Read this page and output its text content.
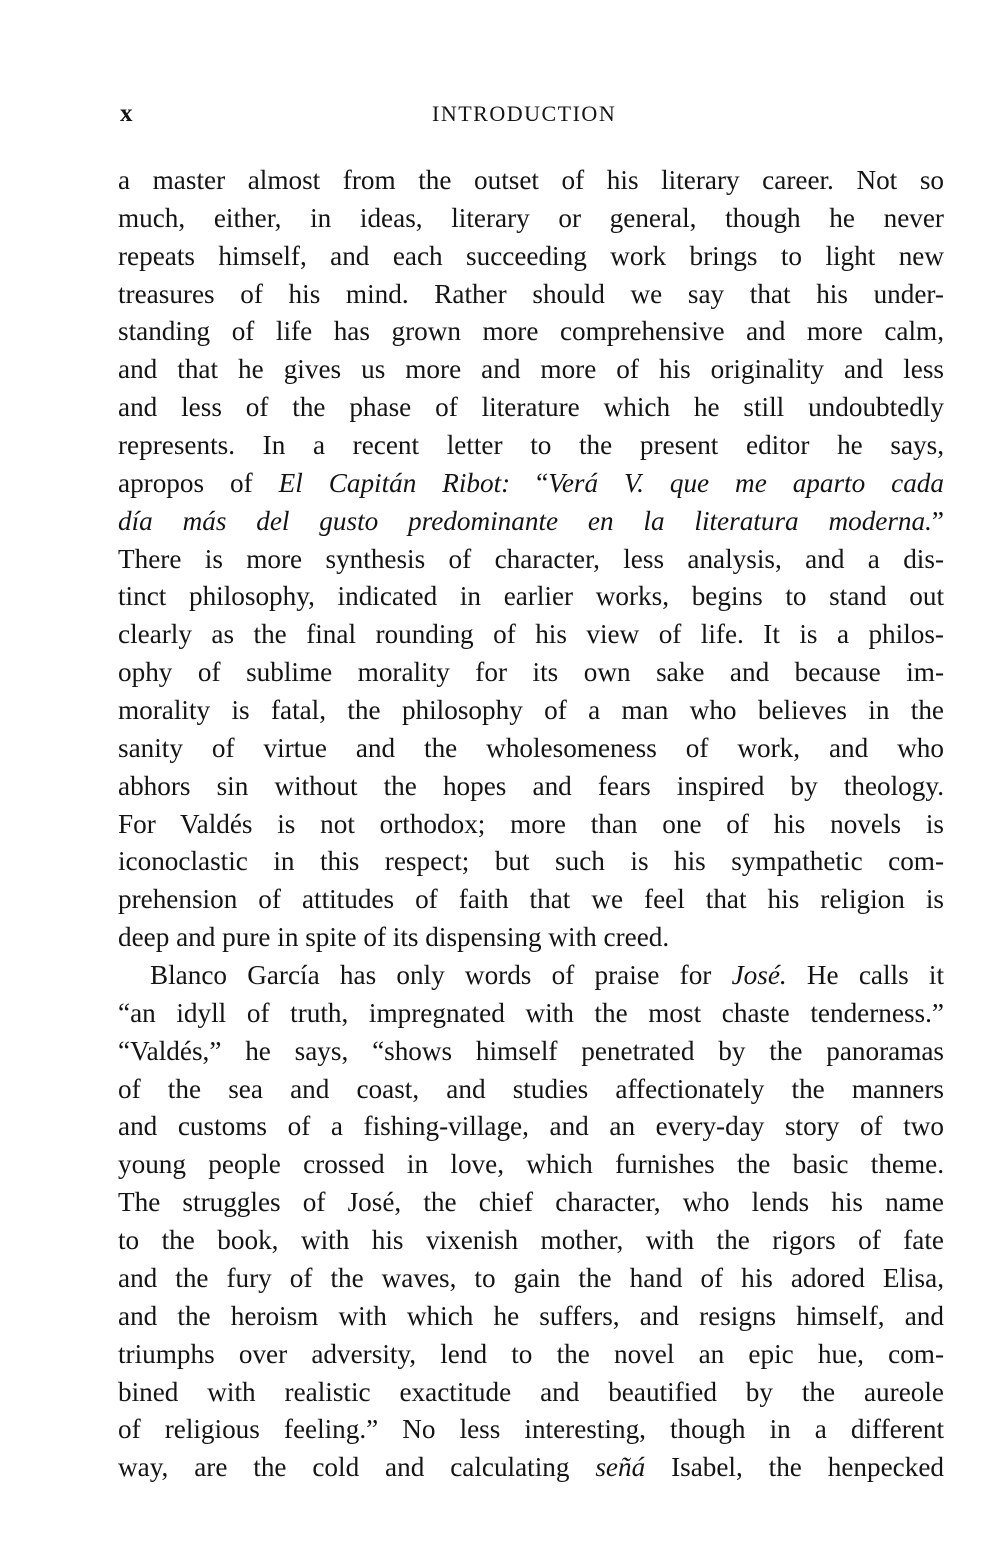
x	INTRODUCTION
a master almost from the outset of his literary career. Not so
much, either, in ideas, literary or general, though he never
repeats himself, and each succeeding work brings to light new
treasures of his mind. Rather should we say that his under-
standing of life has grown more comprehensive and more calm,
and that he gives us more and more of his originality and less
and less of the phase of literature which he still undoubtedly
represents. In a recent letter to the present editor he says,
apropos of El Capitán Ribot: “Verá V. que me aparto cada
día más del gusto predominante en la literatura moderna.”
There is more synthesis of character, less analysis, and a dis-
tinct philosophy, indicated in earlier works, begins to stand out
clearly as the final rounding of his view of life. It is a philos-
ophy of sublime morality for its own sake and because im-
morality is fatal, the philosophy of a man who believes in the
sanity of virtue and the wholesomeness of work, and who
abhors sin without the hopes and fears inspired by theology.
For Valdés is not orthodox; more than one of his novels is
iconoclastic in this respect; but such is his sympathetic com-
prehension of attitudes of faith that we feel that his religion is
deep and pure in spite of its dispensing with creed.
Blanco García has only words of praise for José. He calls it
“an idyll of truth, impregnated with the most chaste tenderness.”
“Valdés,” he says, “shows himself penetrated by the panoramas
of the sea and coast, and studies affectionately the manners
and customs of a fishing-village, and an every-day story of two
young people crossed in love, which furnishes the basic theme.
The struggles of José, the chief character, who lends his name
to the book, with his vixenish mother, with the rigors of fate
and the fury of the waves, to gain the hand of his adored Elisa,
and the heroism with which he suffers, and resigns himself, and
triumphs over adversity, lend to the novel an epic hue, com-
bined with realistic exactitude and beautified by the aureole
of religious feeling.” No less interesting, though in a different
way, are the cold and calculating señá Isabel, the henpecked
